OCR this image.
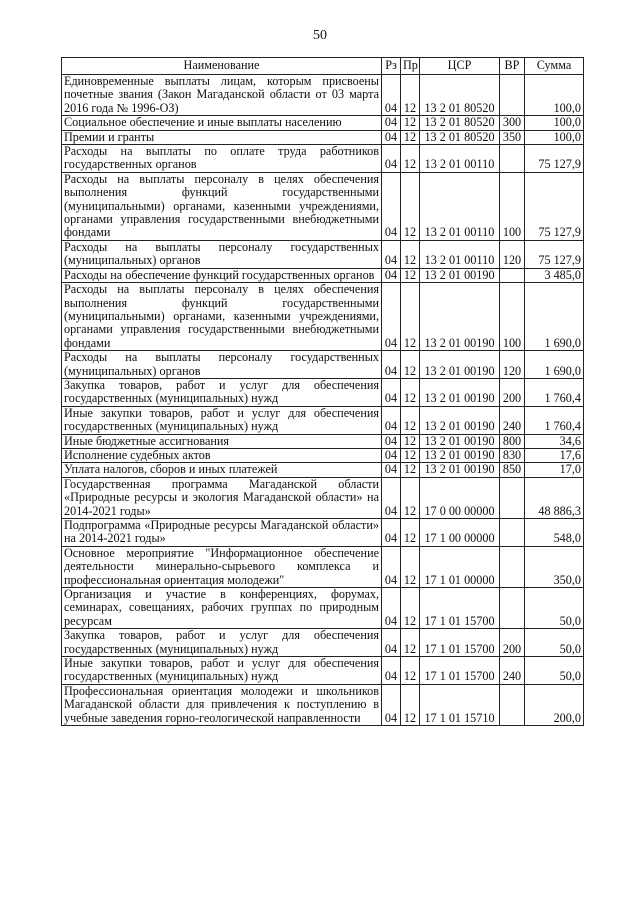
50
Наименование	Рз	Пр	ЦСР	ВР	Сумма
Единовременные выплаты лицам, которым присвоены почетные звания (Закон Магаданской области от 03 марта 2016 года № 1996-ОЗ)	04	12	13 2 01 80520		100,0
Социальное обеспечение и иные выплаты населению	04	12	13 2 01 80520	300	100,0
Премии и гранты	04	12	13 2 01 80520	350	100,0
Расходы на выплаты по оплате труда работников государственных органов	04	12	13 2 01 00110		75 127,9
Расходы на выплаты персоналу в целях обеспечения выполнения функций государственными (муниципальными) органами, казенными учреждениями, органами управления государственными внебюджетными фондами	04	12	13 2 01 00110	100	75 127,9
Расходы на выплаты персоналу государственных (муниципальных) органов	04	12	13 2 01 00110	120	75 127,9
Расходы на обеспечение функций государственных органов	04	12	13 2 01 00190		3 485,0
Расходы на выплаты персоналу в целях обеспечения выполнения функций государственными (муниципальными) органами, казенными учреждениями, органами управления государственными внебюджетными фондами	04	12	13 2 01 00190	100	1 690,0
Расходы на выплаты персоналу государственных (муниципальных) органов	04	12	13 2 01 00190	120	1 690,0
Закупка товаров, работ и услуг для обеспечения государственных (муниципальных) нужд	04	12	13 2 01 00190	200	1 760,4
Иные закупки товаров, работ и услуг для обеспечения государственных (муниципальных) нужд	04	12	13 2 01 00190	240	1 760,4
Иные бюджетные ассигнования	04	12	13 2 01 00190	800	34,6
Исполнение судебных актов	04	12	13 2 01 00190	830	17,6
Уплата налогов, сборов и иных платежей	04	12	13 2 01 00190	850	17,0
Государственная программа Магаданской области «Природные ресурсы и экология Магаданской области» на 2014-2021 годы»	04	12	17 0 00 00000		48 886,3
Подпрограмма «Природные ресурсы Магаданской области» на 2014-2021 годы»	04	12	17 1 00 00000		548,0
Основное мероприятие "Информационное обеспечение деятельности минерально-сырьевого комплекса и профессиональная ориентация молодежи"	04	12	17 1 01 00000		350,0
Организация и участие в конференциях, форумах, семинарах, совещаниях, рабочих группах по природным ресурсам	04	12	17 1 01 15700		50,0
Закупка товаров, работ и услуг для обеспечения государственных (муниципальных) нужд	04	12	17 1 01 15700	200	50,0
Иные закупки товаров, работ и услуг для обеспечения государственных (муниципальных) нужд	04	12	17 1 01 15700	240	50,0
Профессиональная ориентация молодежи и школьников Магаданской области для привлечения к поступлению в учебные заведения горно-геологической направленности	04	12	17 1 01 15710		200,0
